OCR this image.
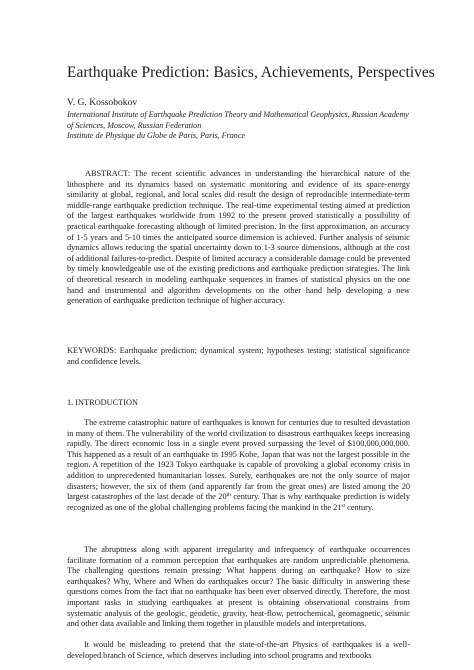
Earthquake Prediction: Basics, Achievements, Perspectives

V. G. Kossobokov

International Institute of Earthquake Prediction Theory and Mathematical Geophysics, Russian Academy of Sciences, Moscow, Russian Federation
Institute de Physique du Globe de Paris, Paris, France

ABSTRACT: The recent scientific advances in understanding the hierarchical nature of the lithosphere and its dynamics based on systematic monitoring and evidence of its space-energy similarity at global, regional, and local scales did result the design of reproducible intermediate-term middle-range earthquake prediction technique. The real-time experimental testing aimed at prediction of the largest earthquakes worldwide from 1992 to the present proved statistically a possibility of practical earthquake forecasting although of limited precision. In the first approximation, an accuracy of 1-5 years and 5-10 times the anticipated source dimension is achieved. Further analysis of seismic dynamics allows reducing the spatial uncertainty down to 1-3 source dimensions, although at the cost of additional failures-to-predict. Despite of limited accuracy a considerable damage could be prevented by timely knowledgeable use of the existing predictions and earthquake prediction strategies. The link of theoretical research in modeling earthquake sequences in frames of statistical physics on the one hand and instrumental and algorithm developments on the other hand help developing a new generation of earthquake prediction technique of higher accuracy.

KEYWORDS: Earthquake prediction; dynamical system; hypotheses testing; statistical significance and confidence levels.

1. INTRODUCTION

The extreme catastrophic nature of earthquakes is known for centuries due to resulted devastation in many of them. The vulnerability of the world civilization to disastrous earthquakes keeps increasing rapidly. The direct economic loss in a single event proved surpassing the level of $100,000,000,000. This happened as a result of an earthquake in 1995 Kobe, Japan that was not the largest possible in the region. A repetition of the 1923 Tokyo earthquake is capable of provoking a global economy crisis in addition to unprecedented humanitarian losses. Surely, earthquakes are not the only source of major disasters; however, the six of them (and apparently far from the great ones) are listed among the 20 largest catastrophes of the last decade of the 20th century. That is why earthquake prediction is widely recognized as one of the global challenging problems facing the mankind in the 21st century.

The abruptness along with apparent irregularity and infrequency of earthquake occurrences facilitate formation of a common perception that earthquakes are random unpredictable phenomena. The challenging questions remain pressing: What happens during an earthquake? How to size earthquakes? Why, Where and When do earthquakes occur? The basic difficulty in answering these questions comes from the fact that no earthquake has been ever observed directly. Therefore, the most important tasks in studying earthquakes at present is obtaining observational constrains from systematic analysis of the geologic, geodetic, gravity, heat-flow, petrochemical, geomagnetic, seismic and other data available and linking them together in plausible models and interpretations.

It would be misleading to pretend that the state-of-the-art Physics of earthquakes is a well-developed branch of Science, which deserves including into school programs and textbooks
